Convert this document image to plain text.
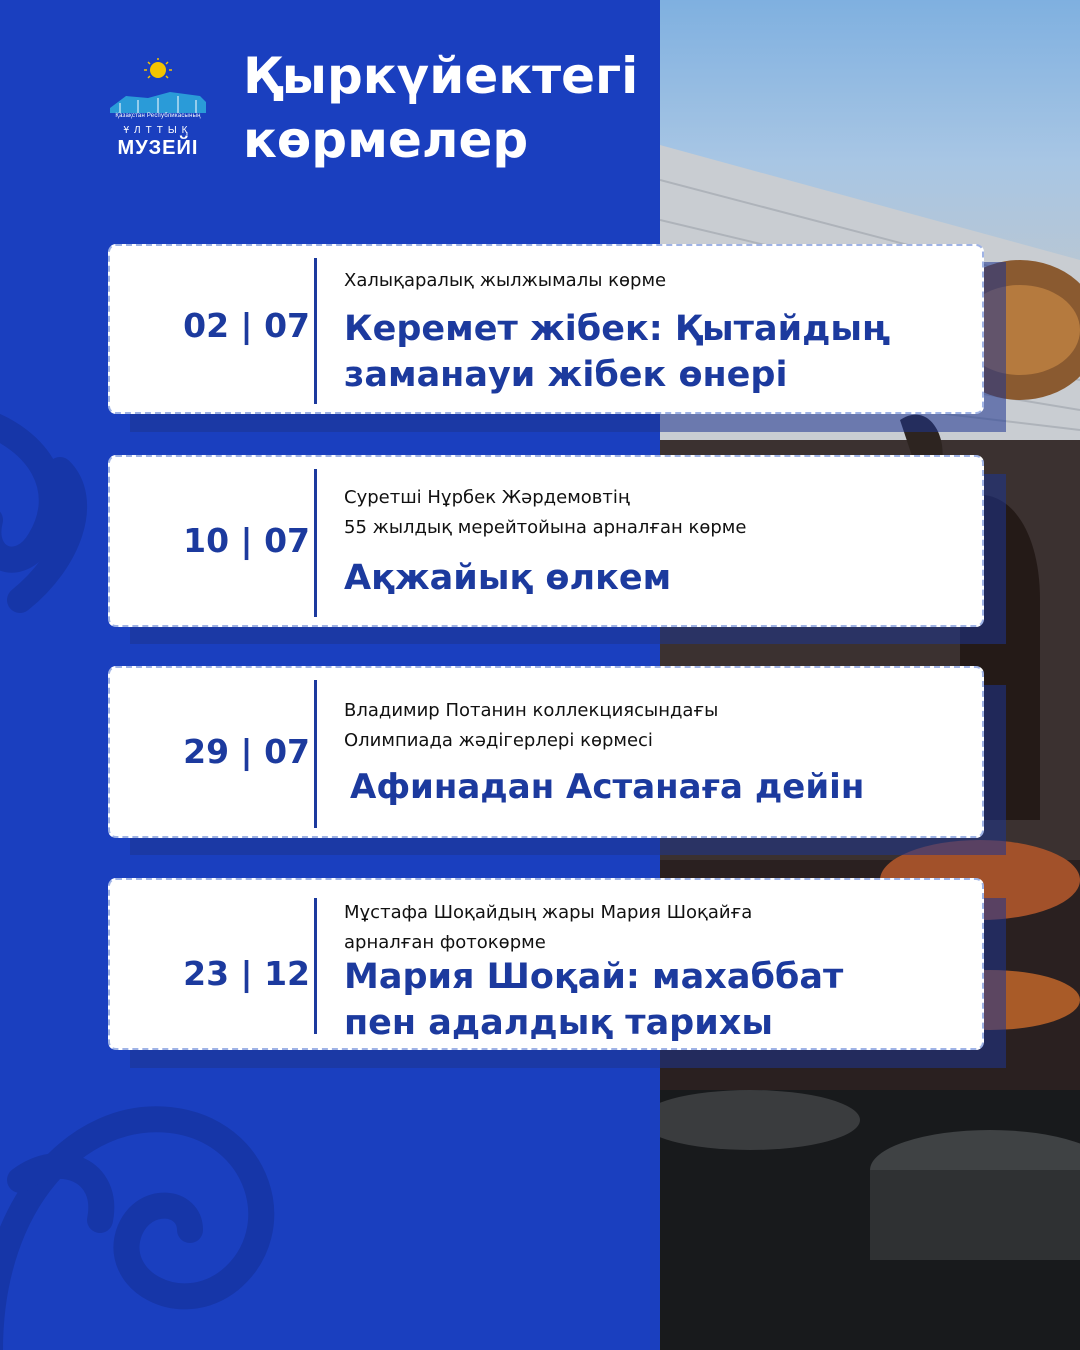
Қазақстан Республикасының
ҰЛТТЫҚ
МУЗЕЙІ
Қыркүйектегі
көрмелер
02 | 07
Халықаралық жылжымалы көрме
Керемет жібек: Қытайдың
заманауи жібек өнері
10 | 07
Суретші Нұрбек Жәрдемовтің
55 жылдық мерейтойына арналған көрме
Ақжайық өлкем
29 | 07
Владимир Потанин коллекциясындағы
Олимпиада жәдігерлері көрмесі
Афинадан Астанаға дейін
23 | 12
Мұстафа Шоқайдың жары Мария Шоқайға
арналған фотокөрме
Мария Шоқай: махаббат
пен адалдық тарихы
